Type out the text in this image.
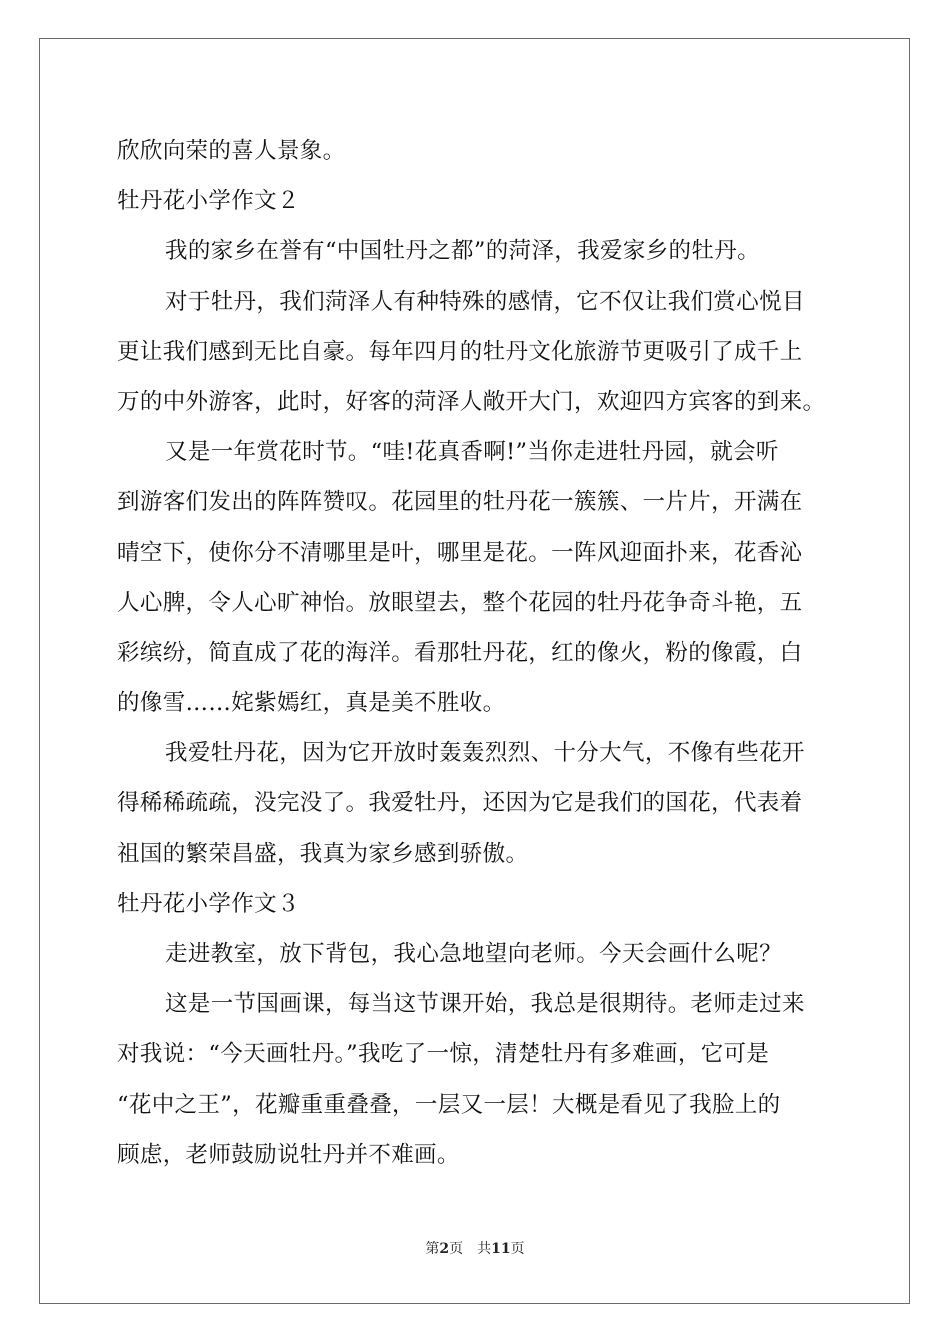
欣欣向荣的喜人景象。
牡丹花小学作文２
我的家乡在誉有“中国牡丹之都”的菏泽，我爱家乡的牡丹。
对于牡丹，我们菏泽人有种特殊的感情，它不仅让我们赏心悦目
更让我们感到无比自豪。每年四月的牡丹文化旅游节更吸引了成千上
万的中外游客，此时，好客的菏泽人敞开大门，欢迎四方宾客的到来。
又是一年赏花时节。“哇!花真香啊!”当你走进牡丹园，就会听
到游客们发出的阵阵赞叹。花园里的牡丹花一簇簇、一片片，开满在
晴空下，使你分不清哪里是叶，哪里是花。一阵风迎面扑来，花香沁
人心脾，令人心旷神怡。放眼望去，整个花园的牡丹花争奇斗艳，五
彩缤纷，简直成了花的海洋。看那牡丹花，红的像火，粉的像霞，白
的像雪……姹紫嫣红，真是美不胜收。
我爱牡丹花，因为它开放时轰轰烈烈、十分大气，不像有些花开
得稀稀疏疏，没完没了。我爱牡丹，还因为它是我们的国花，代表着
祖国的繁荣昌盛，我真为家乡感到骄傲。
牡丹花小学作文３
走进教室，放下背包，我心急地望向老师。今天会画什么呢？
这是一节国画课，每当这节课开始，我总是很期待。老师走过来
对我说：“今天画牡丹。”我吃了一惊，清楚牡丹有多难画，它可是
“花中之王”，花瓣重重叠叠，一层又一层！大概是看见了我脸上的
顾虑，老师鼓励说牡丹并不难画。
第2页 共11页
